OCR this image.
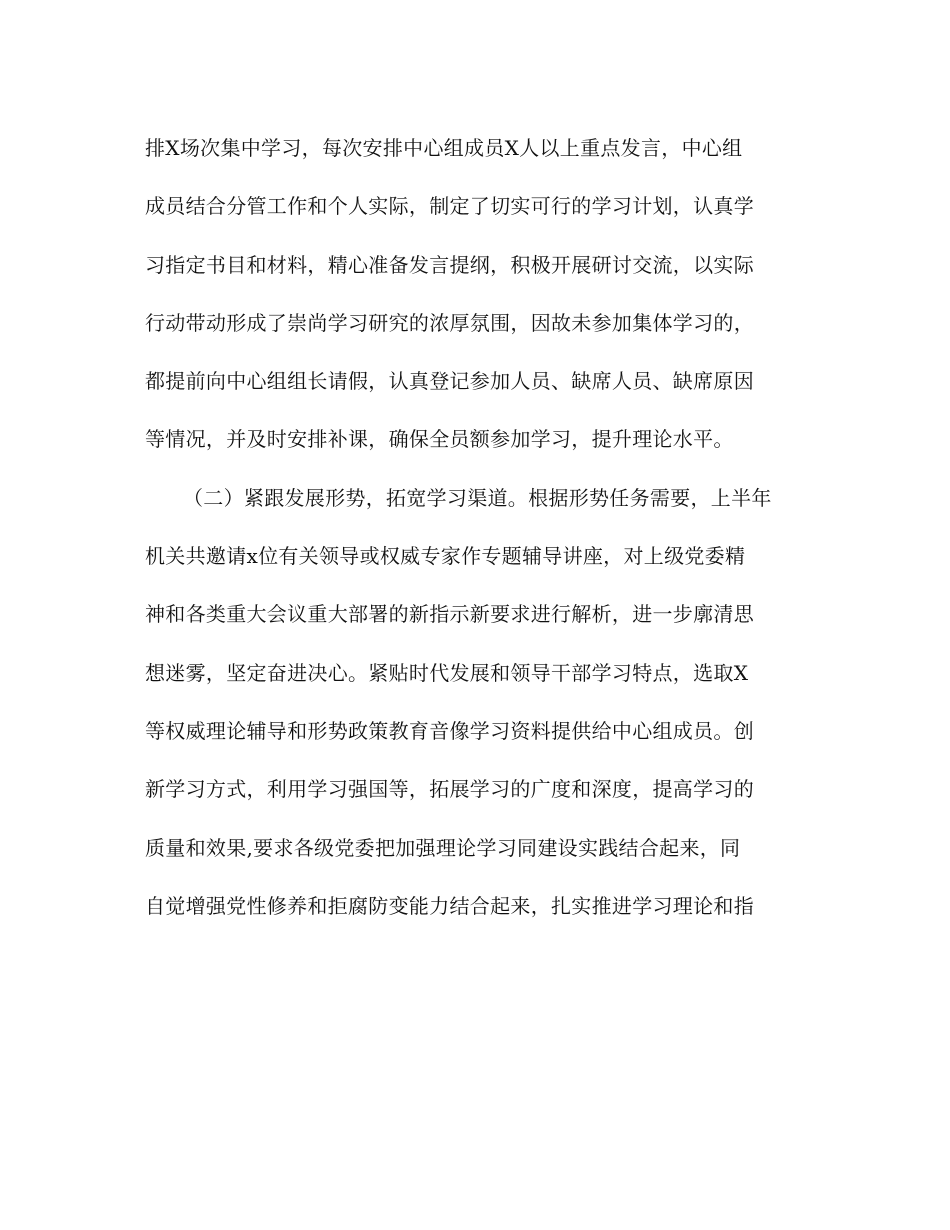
排X场次集中学习，每次安排中心组成员X人以上重点发言，中心组
成员结合分管工作和个人实际，制定了切实可行的学习计划，认真学
习指定书目和材料，精心准备发言提纲，积极开展研讨交流，以实际
行动带动形成了崇尚学习研究的浓厚氛围，因故未参加集体学习的，
都提前向中心组组长请假，认真登记参加人员、缺席人员、缺席原因
等情况，并及时安排补课，确保全员额参加学习，提升理论水平。
（二）紧跟发展形势，拓宽学习渠道。根据形势任务需要，上半年
机关共邀请x位有关领导或权威专家作专题辅导讲座，对上级党委精
神和各类重大会议重大部署的新指示新要求进行解析，进一步廓清思
想迷雾，坚定奋进决心。紧贴时代发展和领导干部学习特点，选取X
等权威理论辅导和形势政策教育音像学习资料提供给中心组成员。创
新学习方式，利用学习强国等，拓展学习的广度和深度，提高学习的
质量和效果,要求各级党委把加强理论学习同建设实践结合起来，同
自觉增强党性修养和拒腐防变能力结合起来，扎实推进学习理论和指
